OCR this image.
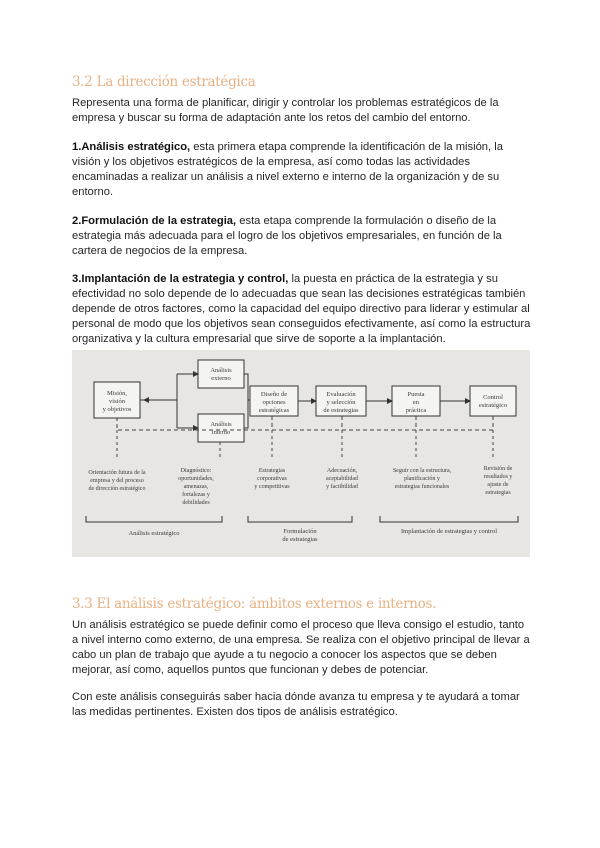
3.2 La dirección estratégica

Representa una forma de planificar, dirigir y controlar los problemas estratégicos de la empresa y buscar su forma de adaptación ante los retos del cambio del entorno.

1.Análisis estratégico, esta primera etapa comprende la identificación de la misión, la visión y los objetivos estratégicos de la empresa, así como todas las actividades encaminadas a realizar un análisis a nivel externo e interno de la organización y de su entorno.

2.Formulación de la estrategia, esta etapa comprende la formulación o diseño de la estrategia más adecuada para el logro de los objetivos empresariales, en función de la cartera de negocios de la empresa.

3.Implantación de la estrategia y control, la puesta en práctica de la estrategia y su efectividad no solo depende de lo adecuadas que sean las decisiones estratégicas también depende de otros factores, como la capacidad del equipo directivo para liderar y estimular al personal de modo que los objetivos sean conseguidos efectivamente, así como la estructura organizativa y la cultura empresarial que sirve de soporte a la implantación.

Misión, visión y objetivos
Análisis externo
Análisis interno
Diseño de opciones estratégicas
Evaluación y selección de estrategias
Puesta en práctica
Control estratégico
Orientación futura de la empresa y del proceso de dirección estratégico
Diagnóstico: oportunidades, amenazas, fortalezas y debilidades
Estrategias corporativas y competitivas
Adecuación, aceptabilidad y factibilidad
Seguir con la estructura, planificación y estrategias funcionales
Revisión de resultados y ajuste de estrategias
Análisis estratégico	Formulación de estrategias
Implantación de estrategias y control
3.3 El análisis estratégico: ámbitos externos e internos.

Un análisis estratégico se puede definir como el proceso que lleva consigo el estudio, tanto a nivel interno como externo, de una empresa. Se realiza con el objetivo principal de llevar a cabo un plan de trabajo que ayude a tu negocio a conocer los aspectos que se deben mejorar, así como, aquellos puntos que funcionan y debes de potenciar.

Con este análisis conseguirás saber hacia dónde avanza tu empresa y te ayudará a tomar las medidas pertinentes. Existen dos tipos de análisis estratégico.
